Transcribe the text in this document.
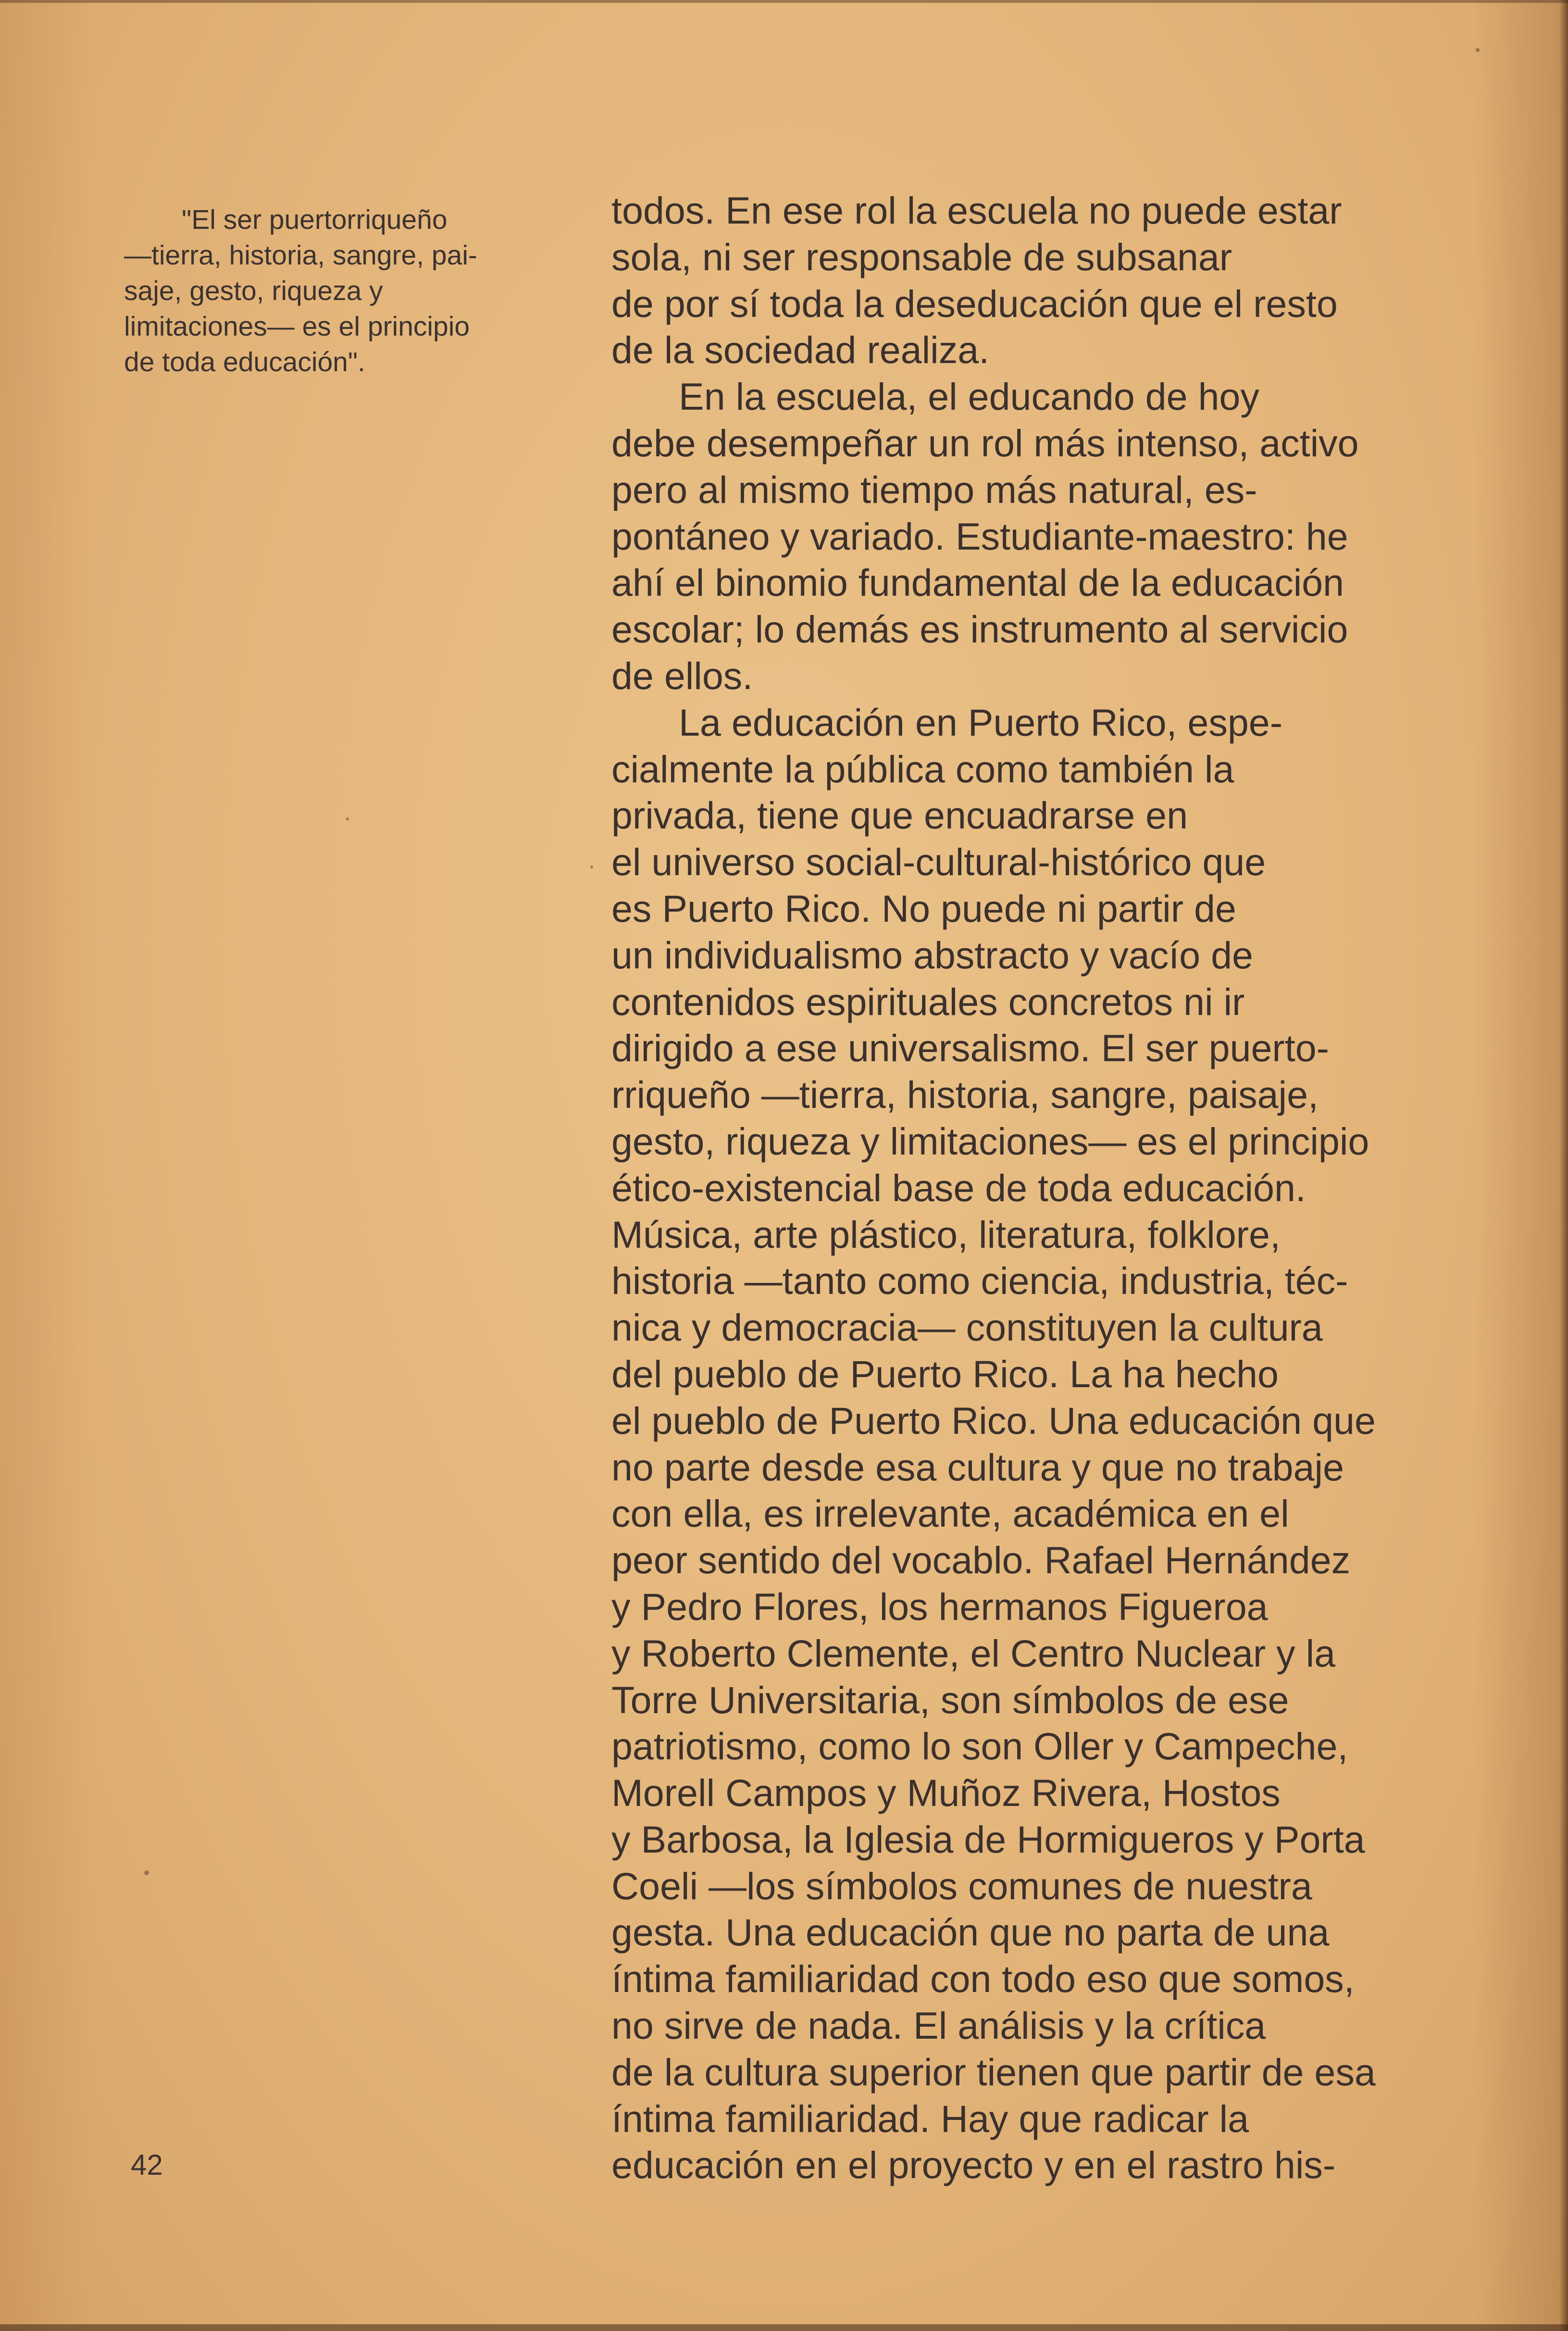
"El ser puertorriqueño
—tierra, historia, sangre, pai-
saje, gesto, riqueza y
limitaciones— es el principio
de toda educación".
todos. En ese rol la escuela no puede estar
sola, ni ser responsable de subsanar
de por sí toda la deseducación que el resto
de la sociedad realiza.
En la escuela, el educando de hoy
debe desempeñar un rol más intenso, activo
pero al mismo tiempo más natural, es-
pontáneo y variado. Estudiante-maestro: he
ahí el binomio fundamental de la educación
escolar; lo demás es instrumento al servicio
de ellos.
La educación en Puerto Rico, espe-
cialmente la pública como también la
privada, tiene que encuadrarse en
el universo social-cultural-histórico que
es Puerto Rico. No puede ni partir de
un individualismo abstracto y vacío de
contenidos espirituales concretos ni ir
dirigido a ese universalismo. El ser puerto-
rriqueño —tierra, historia, sangre, paisaje,
gesto, riqueza y limitaciones— es el principio
ético-existencial base de toda educación.
Música, arte plástico, literatura, folklore,
historia —tanto como ciencia, industria, téc-
nica y democracia— constituyen la cultura
del pueblo de Puerto Rico. La ha hecho
el pueblo de Puerto Rico. Una educación que
no parte desde esa cultura y que no trabaje
con ella, es irrelevante, académica en el
peor sentido del vocablo. Rafael Hernández
y Pedro Flores, los hermanos Figueroa
y Roberto Clemente, el Centro Nuclear y la
Torre Universitaria, son símbolos de ese
patriotismo, como lo son Oller y Campeche,
Morell Campos y Muñoz Rivera, Hostos
y Barbosa, la Iglesia de Hormigueros y Porta
Coeli —los símbolos comunes de nuestra
gesta. Una educación que no parta de una
íntima familiaridad con todo eso que somos,
no sirve de nada. El análisis y la crítica
de la cultura superior tienen que partir de esa
íntima familiaridad. Hay que radicar la
educación en el proyecto y en el rastro his-
42
